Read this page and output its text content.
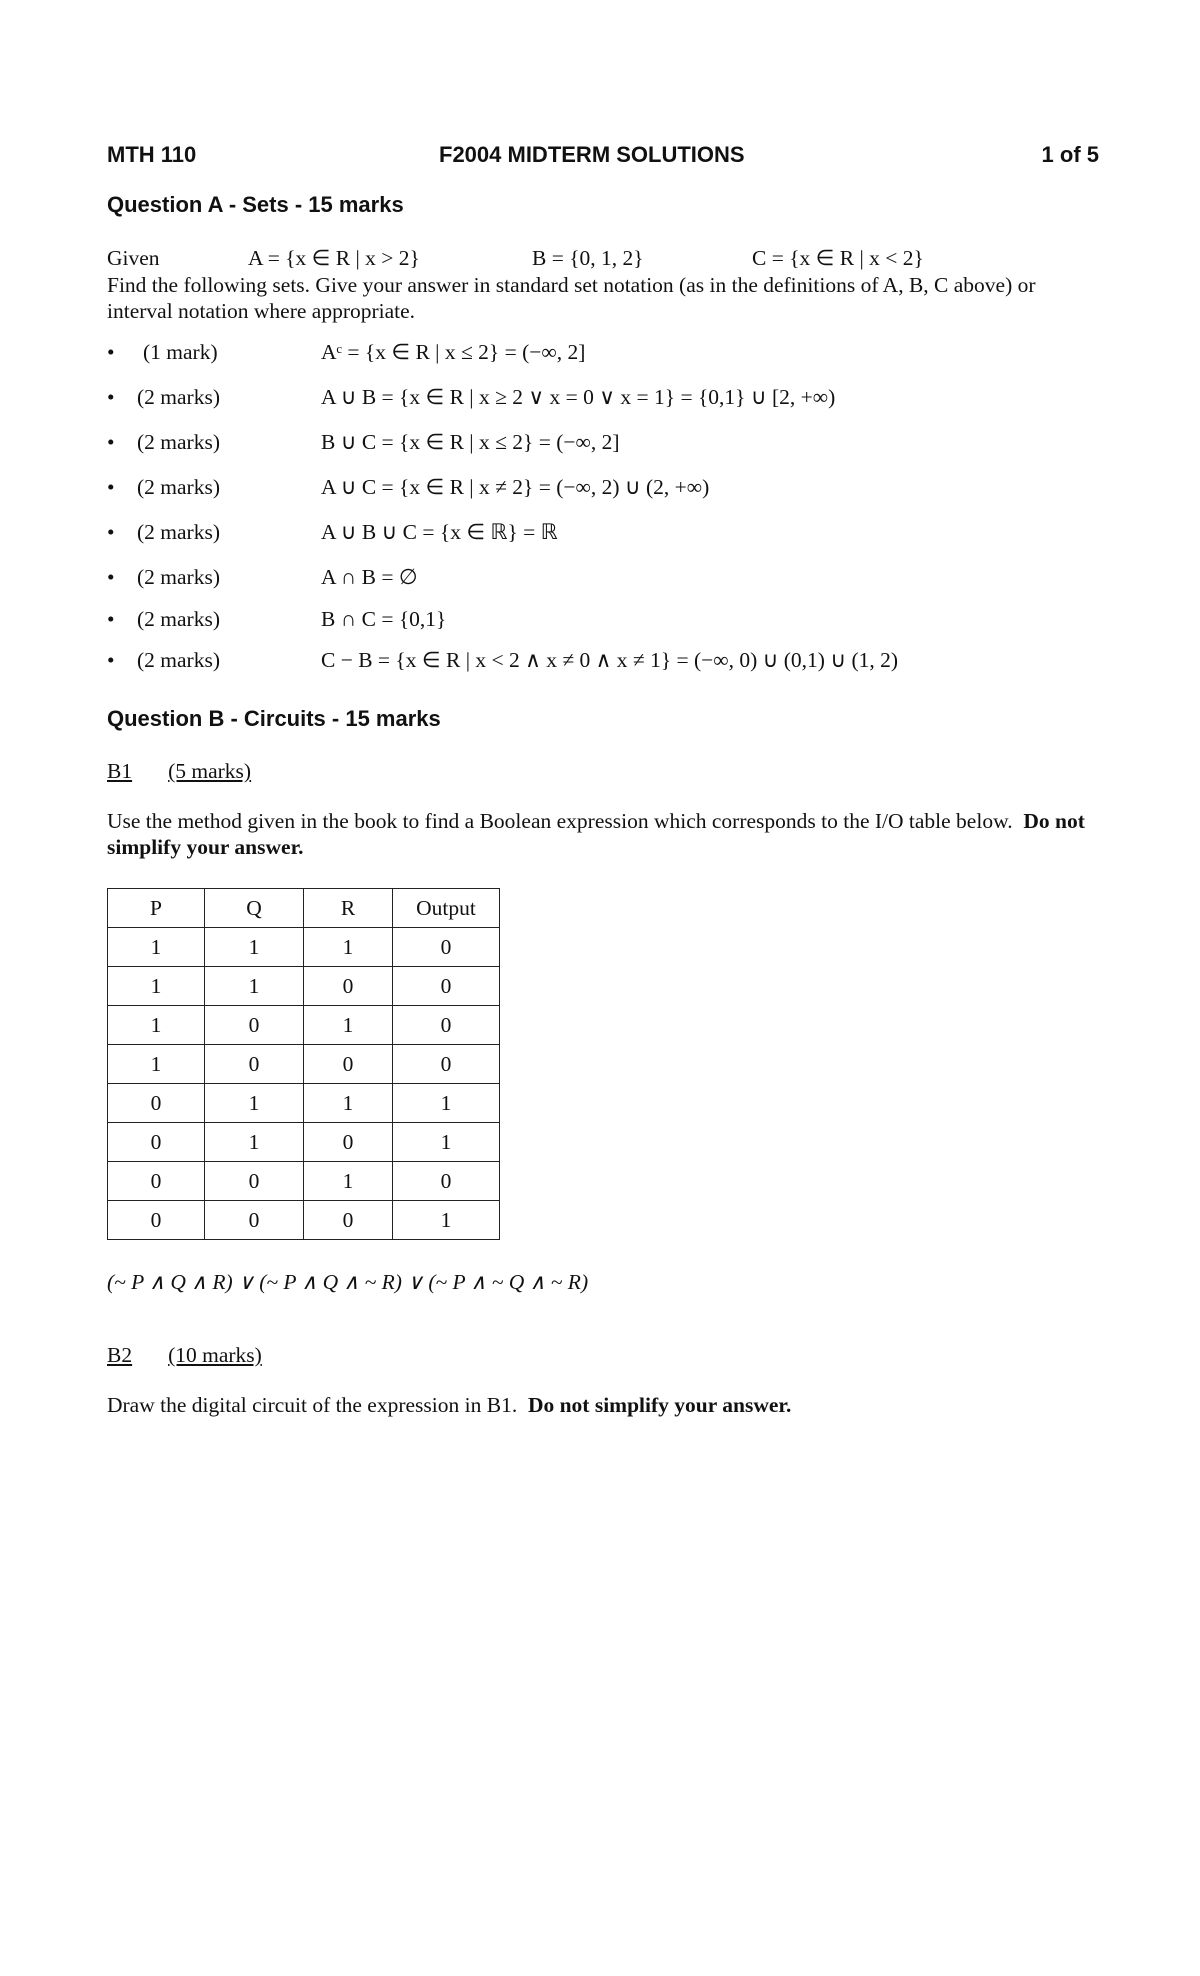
MTH 110	F2004 MIDTERM SOLUTIONS	1 of 5
Question A - Sets - 15 marks
Given	A = {x ∈ R | x > 2}	B = {0, 1, 2}	C = {x ∈ R | x < 2}
Find the following sets. Give your answer in standard set notation (as in the definitions of A, B, C above) or interval notation where appropriate.
• (1 mark)	Aᶜ = {x ∈ R | x ≤ 2} = (−∞, 2]
• (2 marks)	A ∪ B = {x ∈ R | x ≥ 2 ∨ x = 0 ∨ x = 1} = {0,1} ∪ [2, +∞)
• (2 marks)	B ∪ C = {x ∈ R | x ≤ 2} = (−∞, 2]
• (2 marks)	A ∪ C = {x ∈ R | x ≠ 2} = (−∞, 2) ∪ (2, +∞)
• (2 marks)	A ∪ B ∪ C = {x ∈ ℝ} = ℝ
• (2 marks)	A ∩ B = ∅
• (2 marks)	B ∩ C = {0,1}
• (2 marks)	C − B = {x ∈ R | x < 2 ∧ x ≠ 0 ∧ x ≠ 1} = (−∞, 0) ∪ (0,1) ∪ (1, 2)
Question B - Circuits - 15 marks
B1 (5 marks)
Use the method given in the book to find a Boolean expression which corresponds to the I/O table below. Do not simplify your answer.
P	Q	R	Output
1	1	1	0
1	1	0	0
1	0	1	0
1	0	0	0
0	1	1	1
0	1	0	1
0	0	1	0
0	0	0	1
(~ P ∧ Q ∧ R) ∨ (~ P ∧ Q ∧ ~ R) ∨ (~ P ∧ ~ Q ∧ ~ R)
B2 (10 marks)
Draw the digital circuit of the expression in B1. Do not simplify your answer.
